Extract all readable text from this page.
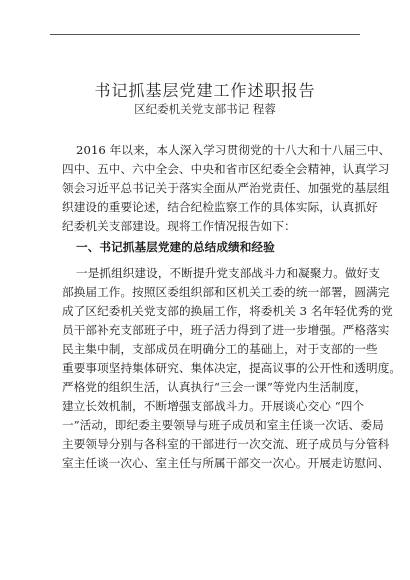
书记抓基层党建工作述职报告
区纪委机关党支部书记 程蓉
2016 年以来，本人深入学习贯彻党的十八大和十八届三中、
四中、五中、六中全会、中央和省市区纪委全会精神，认真学习
领会习近平总书记关于落实全面从严治党责任、加强党的基层组
织建设的重要论述，结合纪检监察工作的具体实际，认真抓好
纪委机关支部建设。现将工作情况报告如下：
一、书记抓基层党建的总结成绩和经验
一是抓组织建设，不断提升党支部战斗力和凝聚力。做好支
部换届工作。按照区委组织部和区机关工委的统一部署，圆满完
成了区纪委机关党支部的换届工作，将委机关 3 名年轻优秀的党
员干部补充支部班子中，班子活力得到了进一步增强。严格落实
民主集中制，支部成员在明确分工的基础上，对于支部的一些
重要事项坚持集体研究、集体决定，提高议事的公开性和透明度。
严格党的组织生活，认真执行“三会一课”等党内生活制度，
建立长效机制，不断增强支部战斗力。开展谈心交心 “四个
一”活动，即纪委主要领导与班子成员和室主任谈一次话、委局
主要领导分别与各科室的干部进行一次交流、班子成员与分管科
室主任谈一次心、室主任与所属干部交一次心。开展走访慰问、
